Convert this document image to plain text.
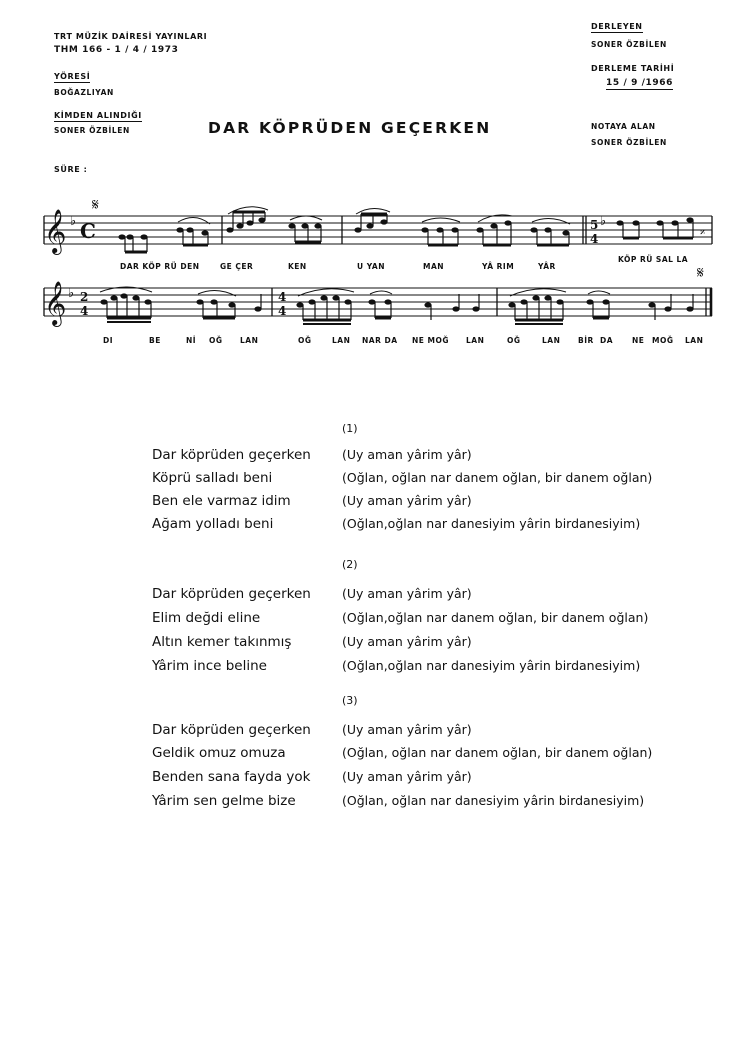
TRT MÜZİK DAİRESİ YAYINLARI
THM 166 - 1 / 4 / 1973
YÖRESİ
BOĞAZLIYAN
KİMDEN ALINDIĞI
SONER ÖZBİLEN
DERLEYEN
SONER ÖZBİLEN
DERLEME TARİHİ
15 / 9 /1966
NOTAYA ALAN
SONER ÖZBİLEN
DAR KÖPRÜDEN GEÇERKEN
SÜRE :
𝄞 ♭ C	5
4
♭
𝄞 ♭ 2
4
4
4
𝄋
𝄋
𝄎
DAR KÖP RÜ DEN	GE ÇER	KEN	U YAN	MAN	YÂ RIM	YÂR
KÖP RÜ SAL LA
DI	BE	Nİ OĞ LAN	OĞ	LAN NAR DA NE MOĞ LAN	OĞ	LAN BİR DA	NE MOĞ LAN
(1)
Dar köprüden geçerken (Uy aman yârim yâr)
Köprü salladı beni	(Oğlan, oğlan nar danem oğlan, bir danem oğlan)
Ben ele varmaz idim	(Uy aman yârim yâr)
Ağam yolladı beni	(Oğlan,oğlan nar danesiyim yârin birdanesiyim)
(2)
Dar köprüden geçerken (Uy aman yârim yâr)
Elim değdi eline	(Oğlan,oğlan nar danem oğlan, bir danem oğlan)
Altın kemer takınmış	(Uy aman yârim yâr)
Yârim ince beline	(Oğlan,oğlan nar danesiyim yârin birdanesiyim)
(3)
Dar köprüden geçerken (Uy aman yârim yâr)
Geldik omuz omuza	(Oğlan, oğlan nar danem oğlan, bir danem oğlan)
Benden sana fayda yok	(Uy aman yârim yâr)
Yârim sen gelme bize	(Oğlan, oğlan nar danesiyim yârin birdanesiyim)
